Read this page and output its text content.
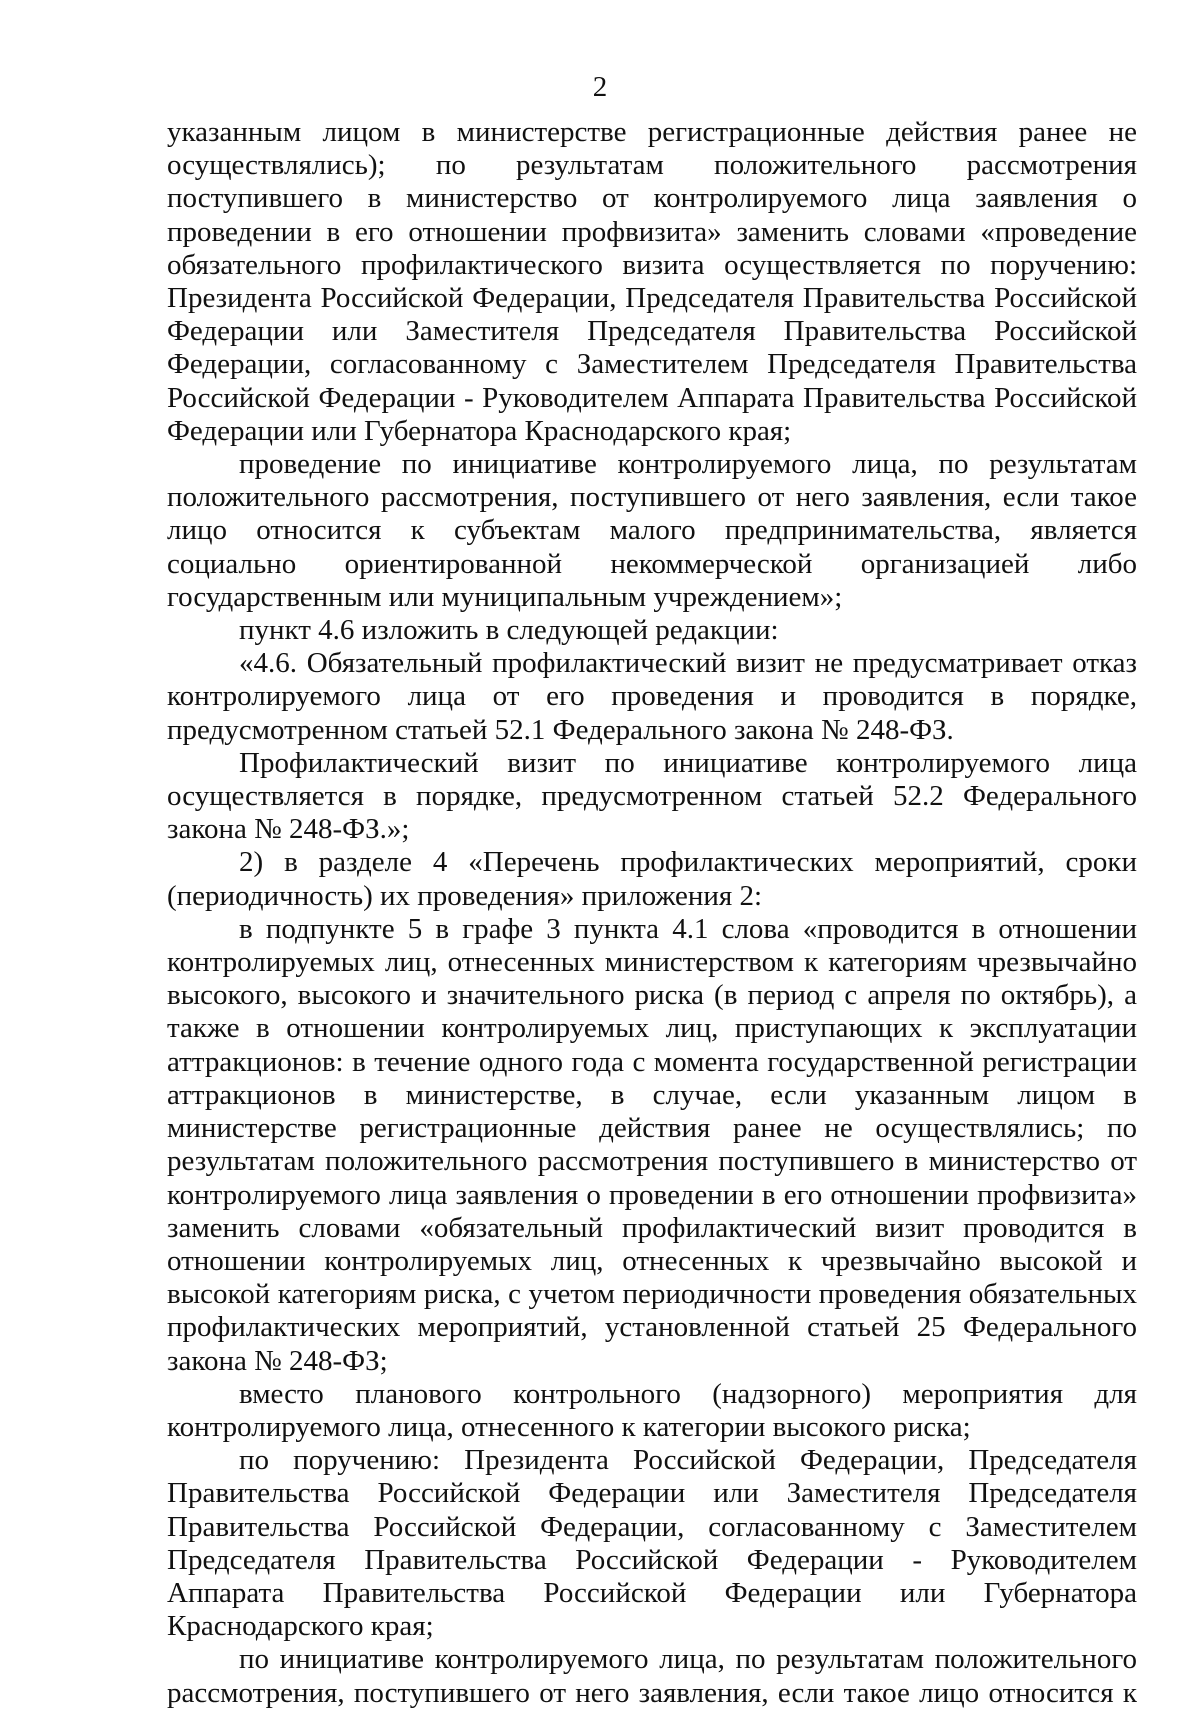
2

указанным лицом в министерстве регистрационные действия ранее не осуществлялись); по результатам положительного рассмотрения поступившего в министерство от контролируемого лица заявления о проведении в его отношении профвизита» заменить словами «проведение обязательного профилактического визита осуществляется по поручению: Президента Российской Федерации, Председателя Правительства Российской Федерации или Заместителя Председателя Правительства Российской Федерации, согласованному с Заместителем Председателя Правительства Российской Федерации - Руководителем Аппарата Правительства Российской Федерации или Губернатора Краснодарского края;

проведение по инициативе контролируемого лица, по результатам положительного рассмотрения, поступившего от него заявления, если такое лицо относится к субъектам малого предпринимательства, является социально ориентированной некоммерческой организацией либо государственным или муниципальным учреждением»;

пункт 4.6 изложить в следующей редакции:

«4.6. Обязательный профилактический визит не предусматривает отказ контролируемого лица от его проведения и проводится в порядке, предусмотренном статьей 52.1 Федерального закона № 248-ФЗ.

Профилактический визит по инициативе контролируемого лица осуществляется в порядке, предусмотренном статьей 52.2 Федерального закона № 248-ФЗ.»;

2) в разделе 4 «Перечень профилактических мероприятий, сроки (периодичность) их проведения» приложения 2:

в подпункте 5 в графе 3 пункта 4.1 слова «проводится в отношении контролируемых лиц, отнесенных министерством к категориям чрезвычайно высокого, высокого и значительного риска (в период с апреля по октябрь), а также в отношении контролируемых лиц, приступающих к эксплуатации аттракционов: в течение одного года с момента государственной регистрации аттракционов в министерстве, в случае, если указанным лицом в министерстве регистрационные действия ранее не осуществлялись; по результатам положительного рассмотрения поступившего в министерство от контролируемого лица заявления о проведении в его отношении профвизита» заменить словами «обязательный профилактический визит проводится в отношении контролируемых лиц, отнесенных к чрезвычайно высокой и высокой категориям риска, с учетом периодичности проведения обязательных профилактических мероприятий, установленной статьей 25 Федерального закона № 248-ФЗ;

вместо планового контрольного (надзорного) мероприятия для контролируемого лица, отнесенного к категории высокого риска;

по поручению: Президента Российской Федерации, Председателя Правительства Российской Федерации или Заместителя Председателя Правительства Российской Федерации, согласованному с Заместителем Председателя Правительства Российской Федерации - Руководителем Аппарата Правительства Российской Федерации или Губернатора Краснодарского края;

по инициативе контролируемого лица, по результатам положительного рассмотрения, поступившего от него заявления, если такое лицо относится к
